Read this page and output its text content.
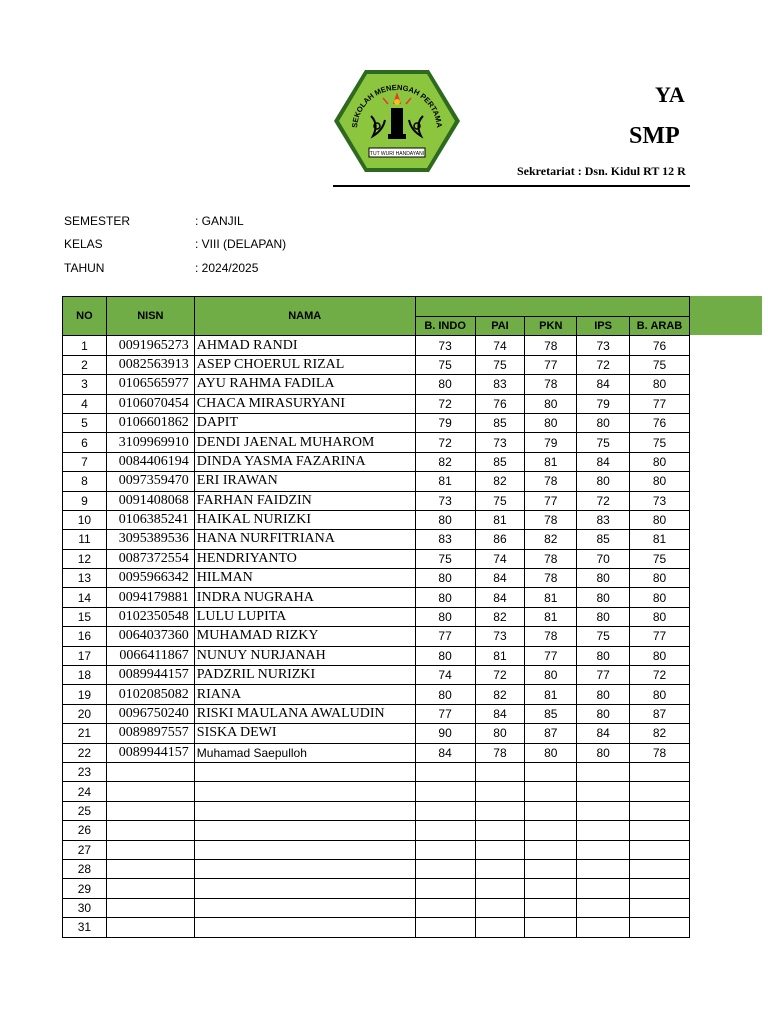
SEKOLAH MENENGAH PERTAMA
TUT WURI HANDAYANI
YA
SMP
Sekretariat : Dsn. Kidul RT 12 R
SEMESTER	: GANJIL
KELAS	: VIII (DELAPAN)
TAHUN	: 2024/2025
NO	NISN	NAMA					
			B. INDO	PAI	PKN	IPS	B. ARAB
1	0091965273	AHMAD RANDI	73	74	78	73	76
2	0082563913	ASEP CHOERUL RIZAL	75	75	77	72	75
3	0106565977	AYU RAHMA FADILA	80	83	78	84	80
4	0106070454	CHACA MIRASURYANI	72	76	80	79	77
5	0106601862	DAPIT	79	85	80	80	76
6	3109969910	DENDI JAENAL MUHAROM	72	73	79	75	75
7	0084406194	DINDA YASMA FAZARINA	82	85	81	84	80
8	0097359470	ERI IRAWAN	81	82	78	80	80
9	0091408068	FARHAN FAIDZIN	73	75	77	72	73
10	0106385241	HAIKAL NURIZKI	80	81	78	83	80
11	3095389536	HANA NURFITRIANA	83	86	82	85	81
12	0087372554	HENDRIYANTO	75	74	78	70	75
13	0095966342	HILMAN	80	84	78	80	80
14	0094179881	INDRA NUGRAHA	80	84	81	80	80
15	0102350548	LULU LUPITA	80	82	81	80	80
16	0064037360	MUHAMAD RIZKY	77	73	78	75	77
17	0066411867	NUNUY NURJANAH	80	81	77	80	80
18	0089944157	PADZRIL NURIZKI	74	72	80	77	72
19	0102085082	RIANA	80	82	81	80	80
20	0096750240	RISKI MAULANA AWALUDIN	77	84	85	80	87
21	0089897557	SISKA DEWI	90	80	87	84	82
22	0089944157	Muhamad Saepulloh	84	78	80	80	78
23							
24							
25							
26							
27							
28							
29							
30							
31							
